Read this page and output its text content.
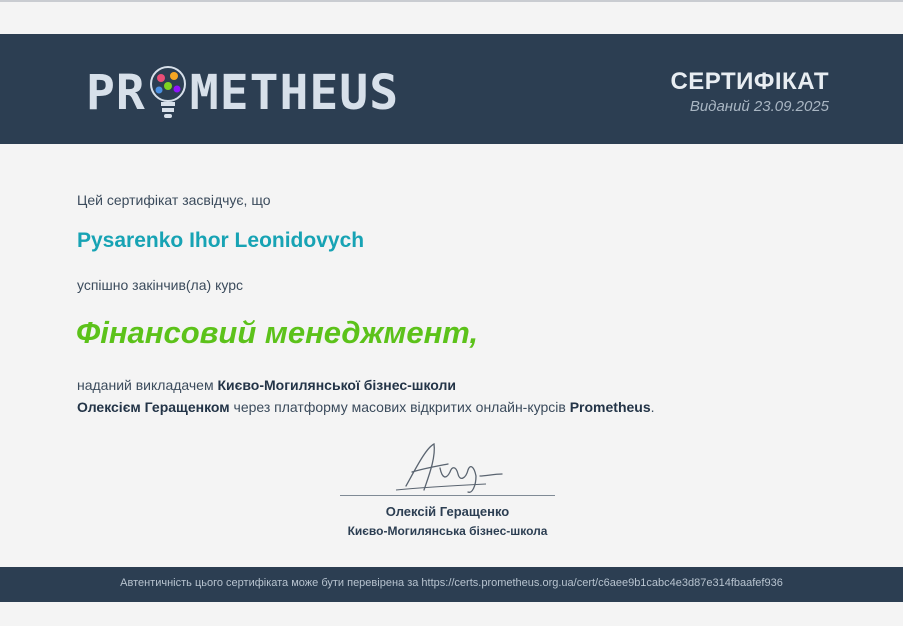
PR METHEUS	СЕРТИФІКАТ
Виданий 23.09.2025
Цей сертифікат засвідчує, що
Pysarenko Ihor Leonidovych
успішно закінчив(ла) курс
Фінансовий менеджмент,
наданий викладачем Києво-Могилянської бізнес-школи
Олексієм Геращенком через платформу масових відкритих онлайн-курсів Prometheus.
Олексій Геращенко
Києво-Могилянська бізнес-школа
Автентичність цього сертифіката може бути перевірена за https://certs.prometheus.org.ua/cert/c6aee9b1cabc4e3d87e314fbaafef936
